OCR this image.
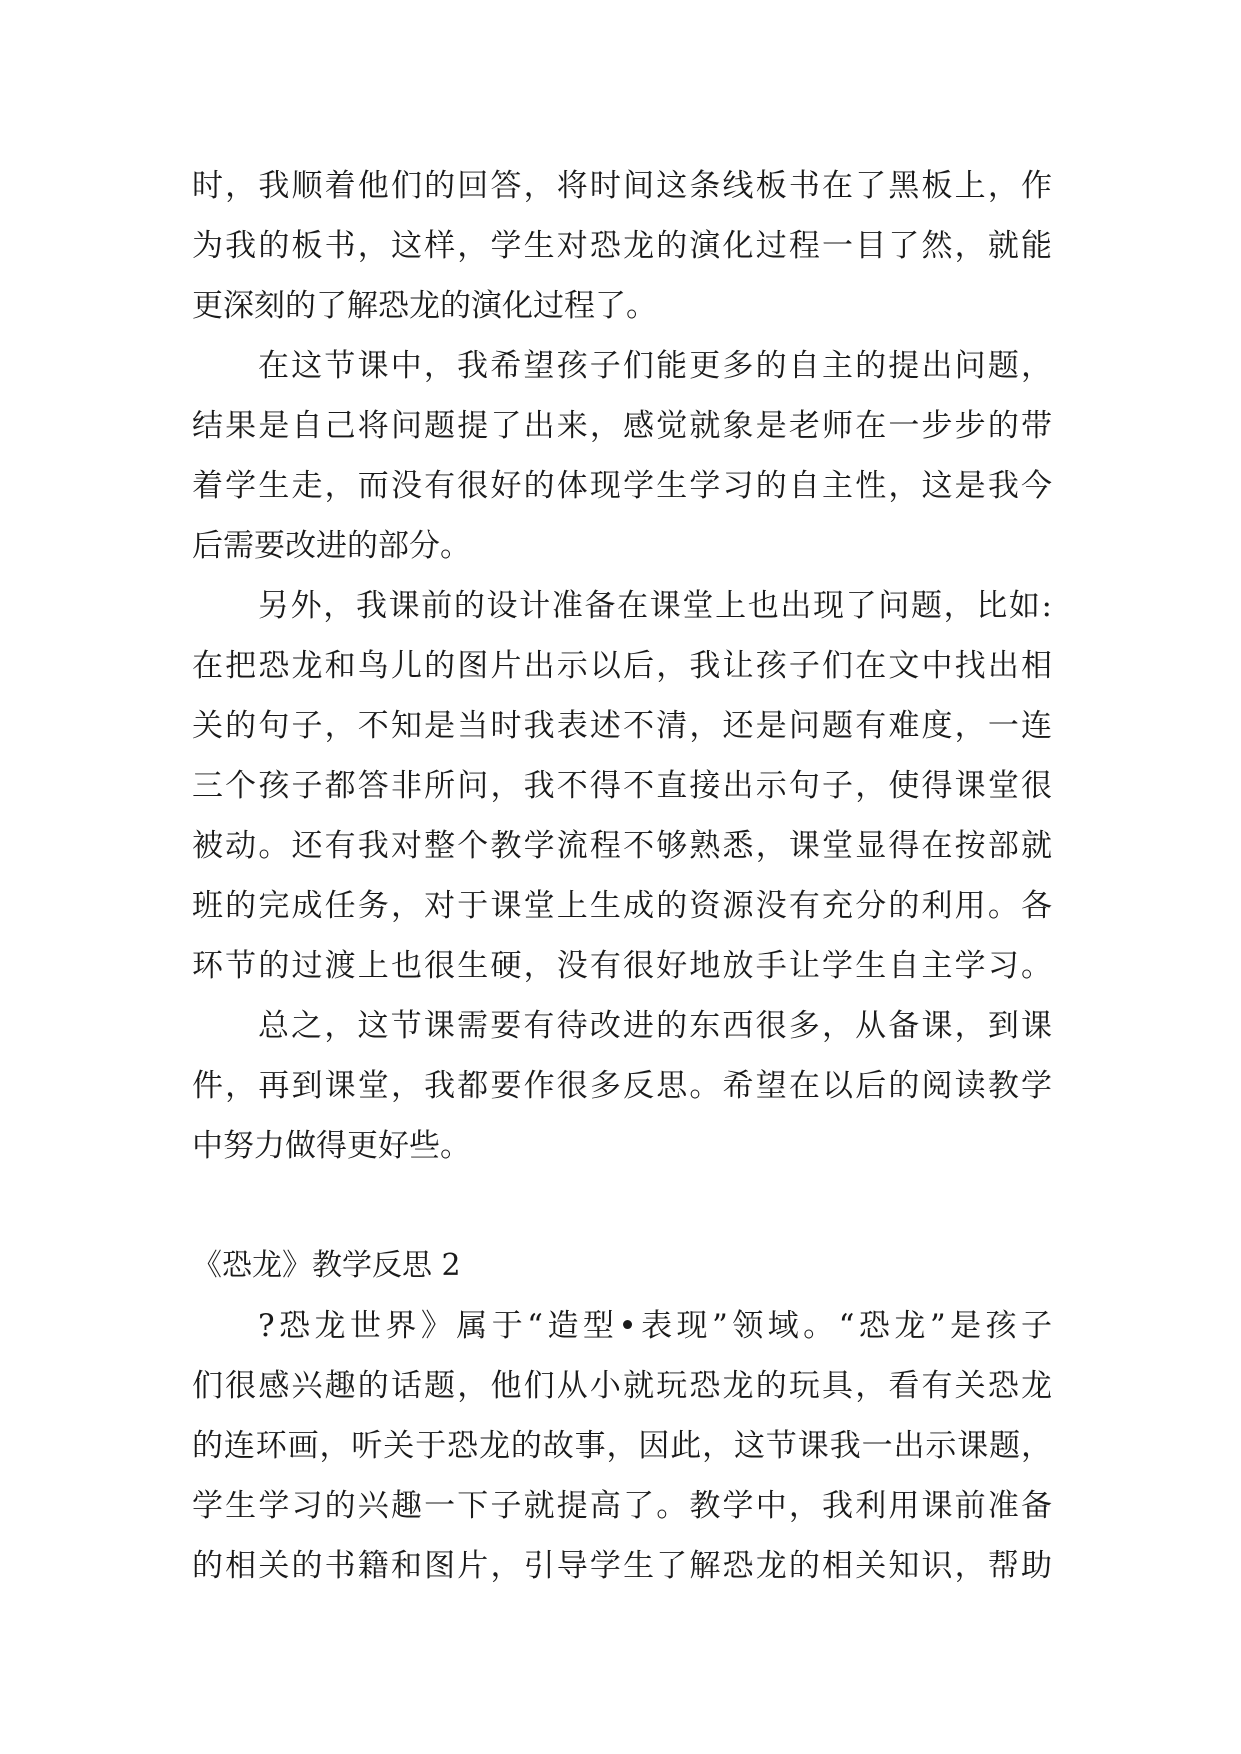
时，我顺着他们的回答，将时间这条线板书在了黑板上，作
为我的板书，这样，学生对恐龙的演化过程一目了然，就能
更深刻的了解恐龙的演化过程了。
在这节课中，我希望孩子们能更多的自主的提出问题，
结果是自己将问题提了出来，感觉就象是老师在一步步的带
着学生走，而没有很好的体现学生学习的自主性，这是我今
后需要改进的部分。
另外，我课前的设计准备在课堂上也出现了问题，比如:
在把恐龙和鸟儿的图片出示以后，我让孩子们在文中找出相
关的句子，不知是当时我表述不清，还是问题有难度，一连
三个孩子都答非所问，我不得不直接出示句子，使得课堂很
被动。还有我对整个教学流程不够熟悉，课堂显得在按部就
班的完成任务，对于课堂上生成的资源没有充分的利用。各
环节的过渡上也很生硬，没有很好地放手让学生自主学习。
总之，这节课需要有待改进的东西很多，从备课，到课
件，再到课堂，我都要作很多反思。希望在以后的阅读教学
中努力做得更好些。
《恐龙》教学反思 2
?恐龙世界》属于“造型•表现”领域。“恐龙”是孩子
们很感兴趣的话题，他们从小就玩恐龙的玩具，看有关恐龙
的连环画，听关于恐龙的故事，因此，这节课我一出示课题，
学生学习的兴趣一下子就提高了。教学中，我利用课前准备
的相关的书籍和图片，引导学生了解恐龙的相关知识，帮助
